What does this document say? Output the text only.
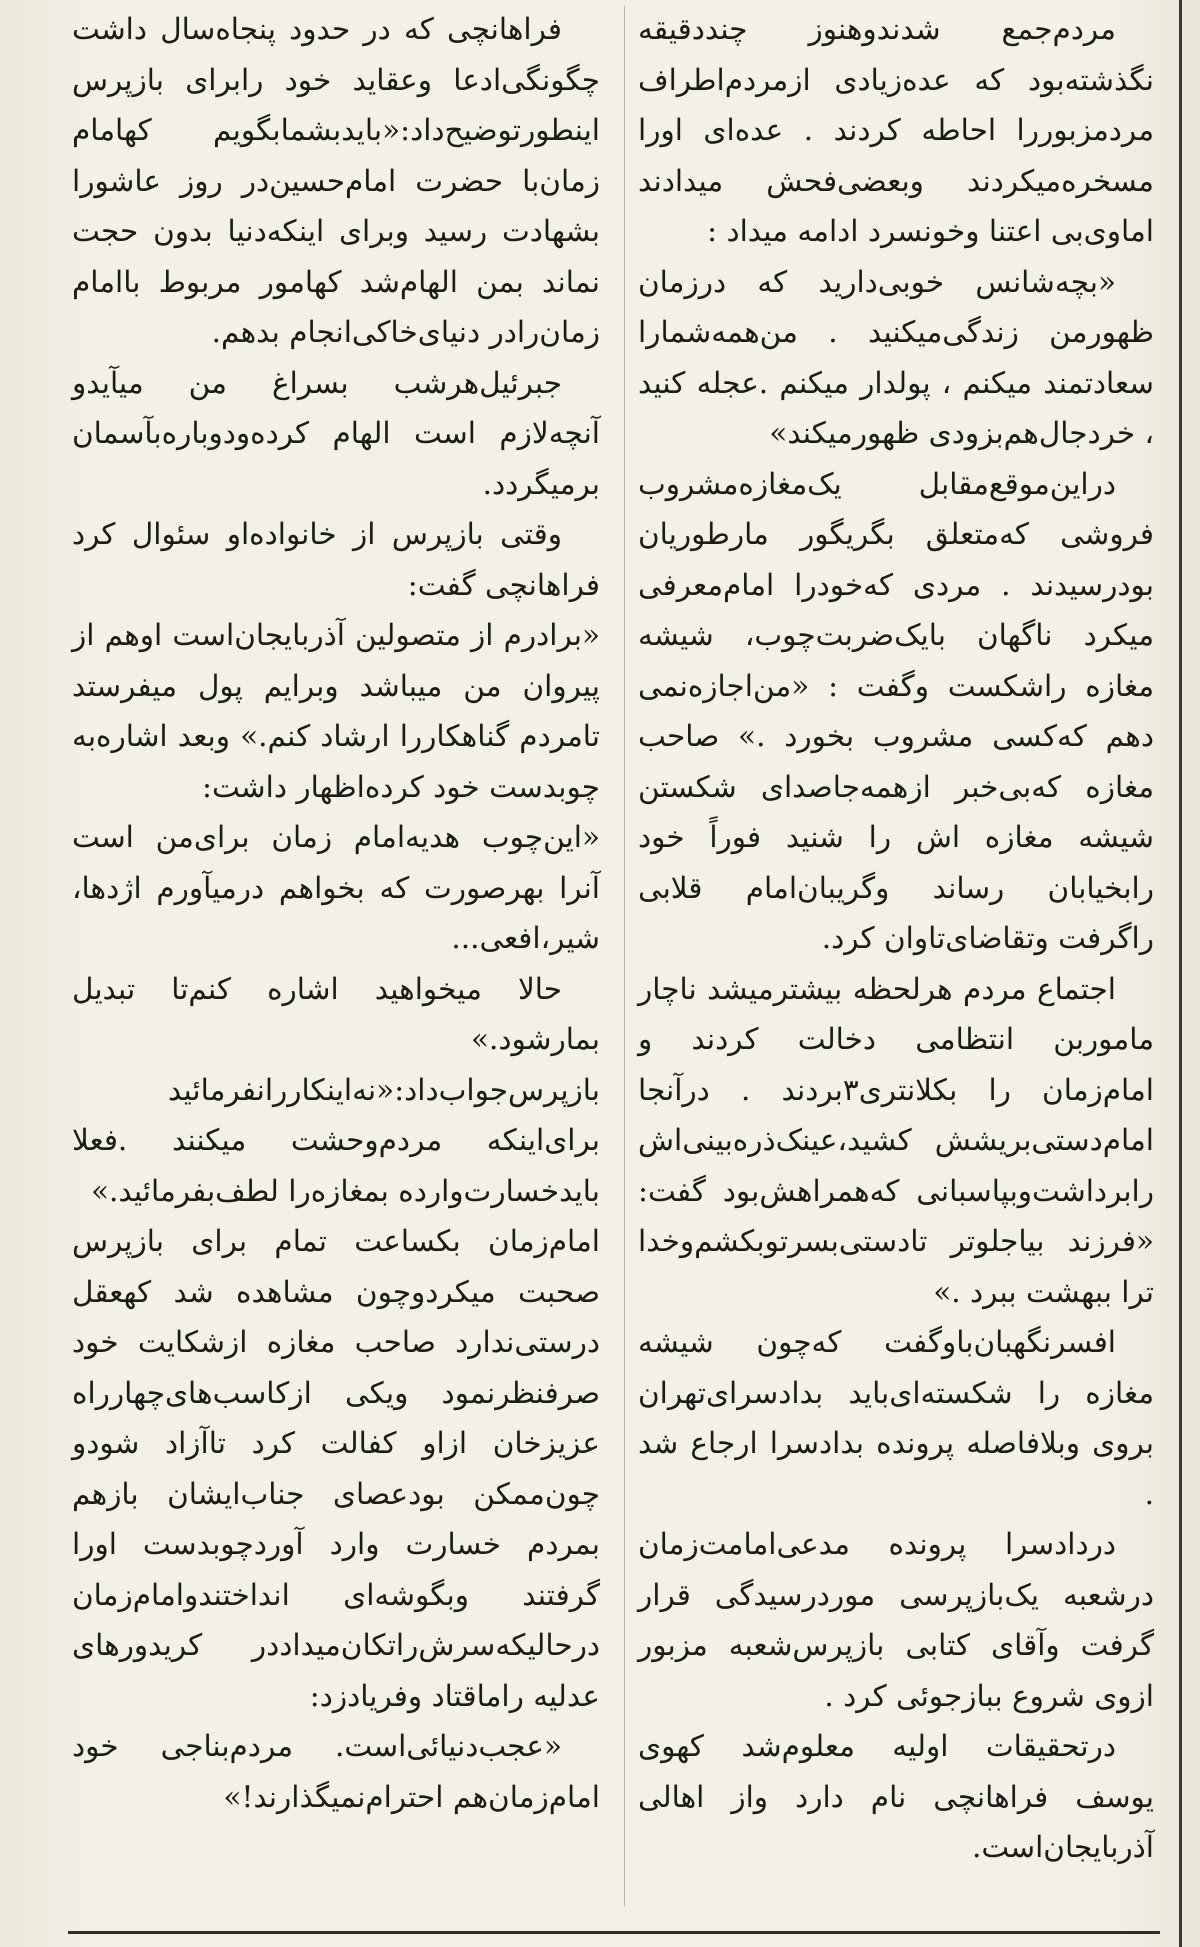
مردم‌جمع شدند‌وهنوز چند‌دقیقه نگذشته‌بود که عده‌زیادی ازمردم‌اطراف مرد‌مز‌بور‌را احاطه کردند . عده‌ای اورا مسخره‌میکردند وبعضی‌فحش میدادند اماوی‌بی اعتنا وخونسرد ادامه میداد :

«بچه‌شانس خوبی‌دارید که درزمان ظهورمن زندگی‌میکنید . من‌همه‌شمارا سعاد‌تمند میکنم ، پولدار میکنم .عجله کنید ، خرد‌جال‌هم‌بزودی ظهورمیکند»

دراین‌موقع‌مقابل یک‌مغازه‌مشروب فروشی که‌متعلق بگریگور مارطوریان بودرسیدند . مردی که‌خود‌را امام‌معرفی میکرد ناگهان بایک‌ضربت‌چوب، شیشه مغازه راشکست وگفت : «من‌اجازه‌نمی دهم که‌کسی مشروب بخورد .» صاحب مغازه که‌بی‌خبر ازهمه‌جا‌صدای شکستن شیشه مغازه اش را شنید فوراً خود رابخیابان رساند وگریبان‌امام قلابی راگرفت وتقاضای‌تاوان کرد.

اجتماع مردم هرلحظه بیشتر‌میشد ناچار ماموربن انتظامی دخالت کردند و امام‌زمان را بکلانتری۳بردند . درآنجا امام‌دستی‌بریشش کشید،عینک‌ذره‌بینی‌اش رابرداشت‌وبپاسبانی که‌همراهش‌بود گفت: «فرزند بیاجلوتر تادستی‌بسر‌توبکشم‌وخدا ترا ببهشت ببرد .»

افسر‌نگهبان‌باو‌گفت که‌چون شیشه مغازه را شکسته‌ای‌باید بداد‌سرای‌تهران بروی وبلافاصله پرونده بداد‌سرا ارجاع شد .

درداد‌سرا پرونده مدعی‌امامت‌زمان در‌شعبه یک‌بازپرسی مورد‌رسیدگی قرار گرفت وآقای کتابی بازپرس‌شعبه مزبور ازوی شروع ببازجوئی کرد .

درتحقیقات اولیه معلوم‌شد کهوی یوسف فراهانچی نام دارد واز اهالی آذربایجان‌است.

فراهانچی که در حدود پنجاه‌سال داشت چگونگی‌ادعا وعقاید خود رابرای بازپرس اینطورتوضیح‌داد:«بایدبشمابگویم کهامام زمان‌با حضرت امام‌حسین‌در روز عاشورا بشهادت رسید وبرای اینکه‌دنیا بدون حجت نماند بمن الهام‌شد کهامور مربوط باامام زمان‌رادر دنیای‌خاکی‌انجام بدهم.

جبرئیل‌هرشب بسراغ من میآیدو آنچه‌لازم است الهام کرده‌ودوباره‌بآسمان برمیگردد.

وقتی بازپرس از خانواده‌او سئوال کرد فراهانچی گفت:

«برادرم از متصولین آذربایجان‌است اوهم از پیروان من میباشد وبرایم پول میفرستد تامردم گناهکاررا ارشاد کنم.» وبعد اشاره‌به چوبدست خود کرده‌اظهار داشت:

«این‌چوب هدیه‌امام زمان برای‌من است آنرا بهرصورت که بخواهم درمیآورم اژدها، شیر،افعی...

حالا میخواهید اشاره کنم‌تا تبدیل بمارشود.»

بازپرس‌جواب‌داد:«نه‌اینکاررانفرمائید برای‌اینکه مردم‌وحشت میکنند .فعلا بایدخسارت‌وارده بمغازه‌را لطف‌بفرمائید.»

امام‌زمان بکساعت تمام برای بازپرس صحبت میکردوچون مشاهده شد کهعقل درستی‌ندارد صاحب مغازه ازشکایت خود صرفنظر‌نمود ویکی ازکاسب‌های‌چهارراه عزیزخان ازاو کفالت کرد تاآزاد شودو چون‌ممکن بودعصای جناب‌ایشان بازهم بمردم خسارت وارد آوردچوبدست اورا گرفتند وبگوشه‌ای انداختندوامام‌زمان درحالیکه‌سرش‌راتکان‌میداددر کریدورهای عدلیه راماقتاد وفریادزد:

«عجب‌دنیائی‌است. مردم‌بناجی خود امام‌زمان‌هم احترام‌نمیگذارند!»
